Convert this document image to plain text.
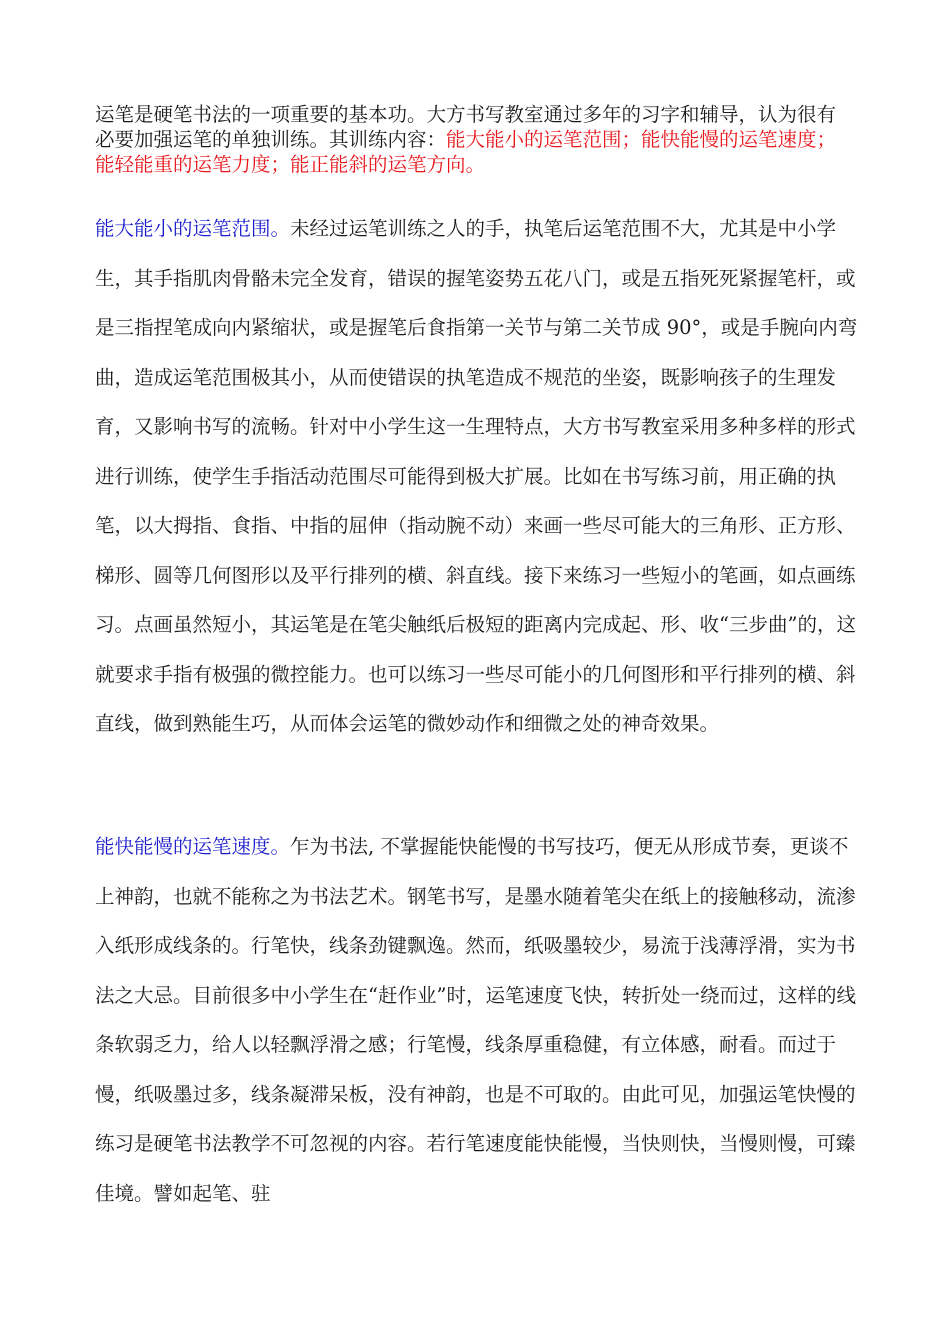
运笔是硬笔书法的一项重要的基本功。大方书写教室通过多年的习字和辅导，认为很有必要加强运笔的单独训练。其训练内容：能大能小的运笔范围；能快能慢的运笔速度；能轻能重的运笔力度；能正能斜的运笔方向。

能大能小的运笔范围。未经过运笔训练之人的手，执笔后运笔范围不大，尤其是中小学生，其手指肌肉骨骼未完全发育，错误的握笔姿势五花八门，或是五指死死紧握笔杆，或是三指捏笔成向内紧缩状，或是握笔后食指第一关节与第二关节成 90°，或是手腕向内弯曲，造成运笔范围极其小，从而使错误的执笔造成不规范的坐姿，既影响孩子的生理发育，又影响书写的流畅。针对中小学生这一生理特点，大方书写教室采用多种多样的形式进行训练，使学生手指活动范围尽可能得到极大扩展。比如在书写练习前，用正确的执笔，以大拇指、食指、中指的屈伸（指动腕不动）来画一些尽可能大的三角形、正方形、梯形、圆等几何图形以及平行排列的横、斜直线。接下来练习一些短小的笔画，如点画练习。点画虽然短小，其运笔是在笔尖触纸后极短的距离内完成起、形、收“三步曲”的，这就要求手指有极强的微控能力。也可以练习一些尽可能小的几何图形和平行排列的横、斜直线，做到熟能生巧，从而体会运笔的微妙动作和细微之处的神奇效果。

能快能慢的运笔速度。乍为书法, 不掌握能快能慢的书写技巧，便无从形成节奏，更谈不上神韵，也就不能称之为书法艺术。钢笔书写，是墨水随着笔尖在纸上的接触移动，流渗入纸形成线条的。行笔快，线条劲键飘逸。然而，纸吸墨较少，易流于浅薄浮滑，实为书法之大忌。目前很多中小学生在“赶作业”时，运笔速度飞快，转折处一绕而过，这样的线条软弱乏力，给人以轻飘浮滑之感；行笔慢，线条厚重稳健，有立体感，耐看。而过于慢，纸吸墨过多，线条凝滞呆板，没有神韵，也是不可取的。由此可见，加强运笔快慢的练习是硬笔书法教学不可忽视的内容。若行笔速度能快能慢，当快则快，当慢则慢，可臻佳境。譬如起笔、驻
